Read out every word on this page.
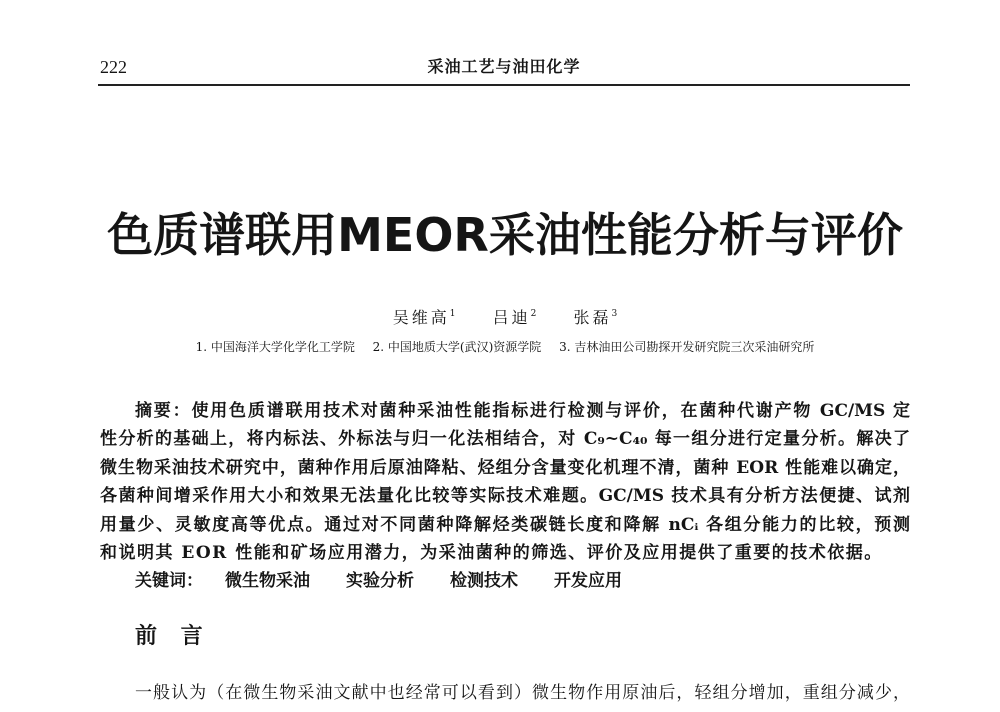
222	采油工艺与油田化学
色质谱联用MEOR采油性能分析与评价
吴维高$^1$ 吕迪$^2$ 张磊$^3$
1. 中国海洋大学化学化工学院 2. 中国地质大学(武汉)资源学院 3. 吉林油田公司勘探开发研究院三次采油研究所
摘要：使用色质谱联用技术对菌种采油性能指标进行检测与评价，在菌种代谢产物 GC/MS 定
性分析的基础上，将内标法、外标法与归一化法相结合，对 C₉~C₄₀ 每一组分进行定量分析。解决了
微生物采油技术研究中，菌种作用后原油降粘、烃组分含量变化机理不清，菌种 EOR 性能难以确定，
各菌种间增采作用大小和效果无法量化比较等实际技术难题。GC/MS 技术具有分析方法便捷、试剂
用量少、灵敏度高等优点。通过对不同菌种降解烃类碳链长度和降解 nCᵢ 各组分能力的比较，预测
和说明其 EOR 性能和矿场应用潜力，为采油菌种的筛选、评价及应用提供了重要的技术依据。
关键词： 微生物采油 实验分析 检测技术 开发应用
前 言
一般认为（在微生物采油文献中也经常可以看到）微生物作用原油后，轻组分增加，重组分减少，
